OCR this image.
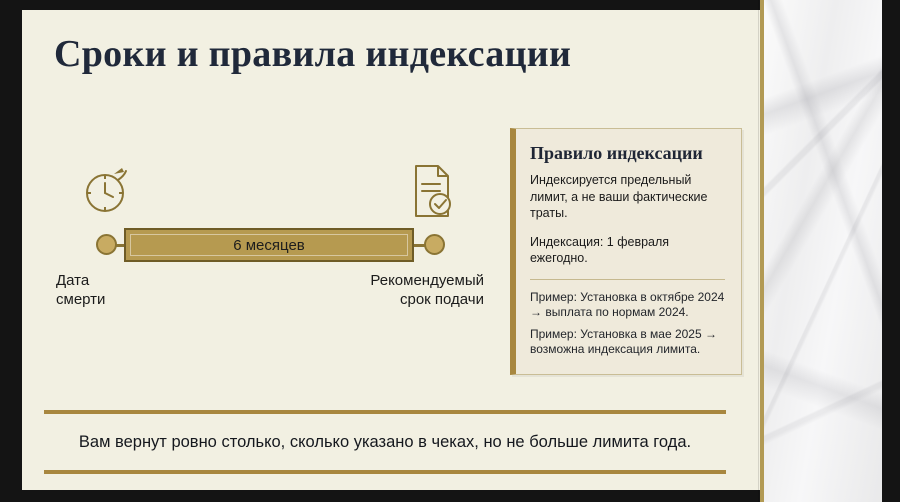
Сроки и правила индексации
6 месяцев
Дата
смерти
Рекомендуемый
срок подачи
Правило индексации

Индексируется предельный лимит, а не ваши фактические траты.

Индексация: 1 февраля ежегодно.

Пример: Установка в октябре 2024 → выплата по нормам 2024.

Пример: Установка в мае 2025 → возможна индексация лимита.

Вам вернут ровно столько, сколько указано в чеках, но не больше лимита года.
